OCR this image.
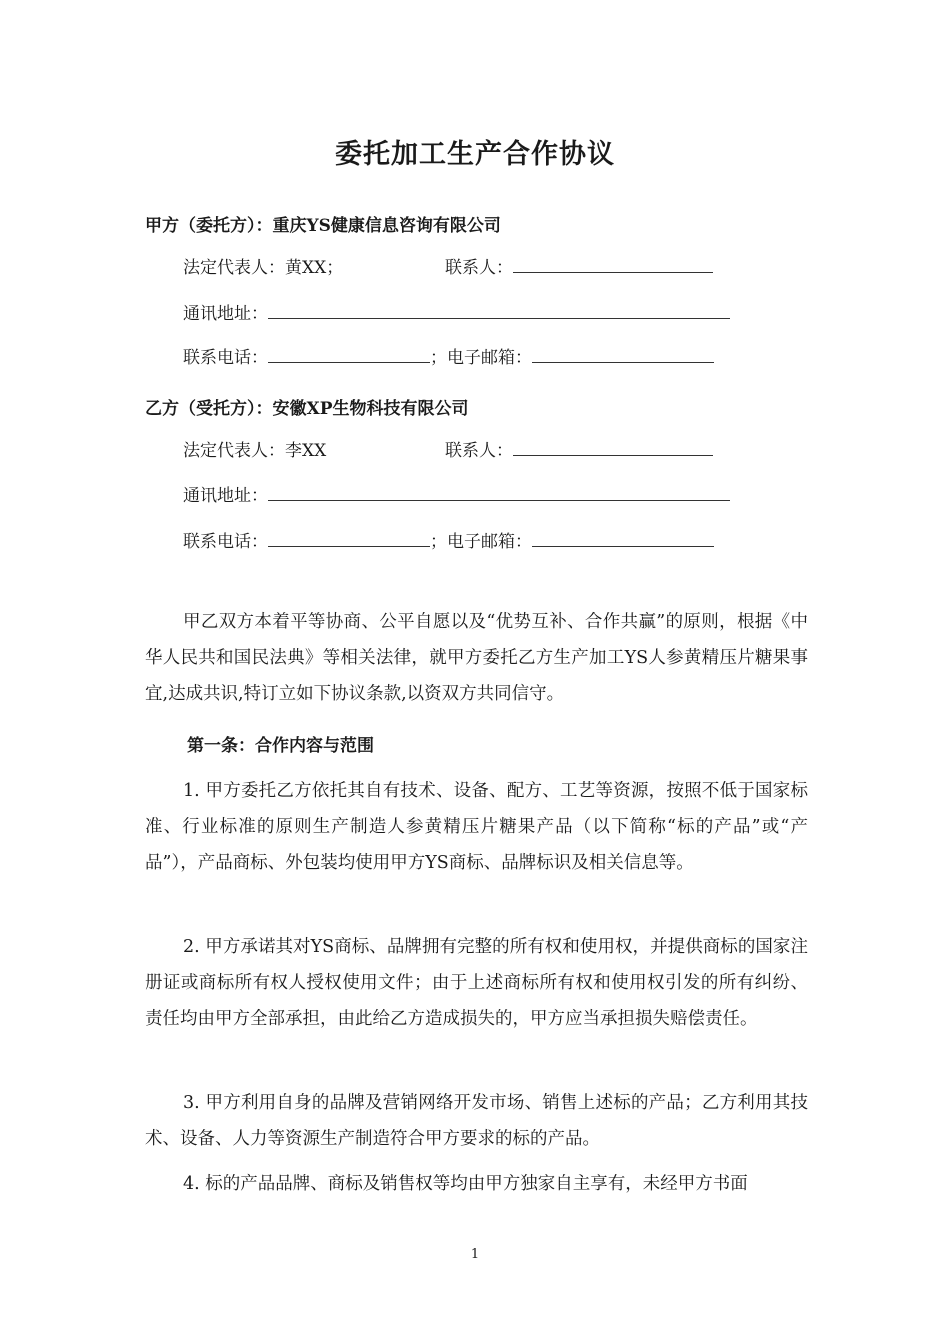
委托加工生产合作协议
甲方（委托方）：重庆YS健康信息咨询有限公司
法定代表人：黄XX；	联系人：
通讯地址：
联系电话：	；电子邮箱：
乙方（受托方）：安徽XP生物科技有限公司
法定代表人：李XX	联系人：
通讯地址：
联系电话：	；电子邮箱：
甲乙双方本着平等协商、公平自愿以及“优势互补、合作共赢”的原则，根据《中华人民共和国民法典》等相关法律，就甲方委托乙方生产加工YS人参黄精压片糖果事宜,达成共识,特订立如下协议条款,以资双方共同信守。
第一条：合作内容与范围
1. 甲方委托乙方依托其自有技术、设备、配方、工艺等资源，按照不低于国家标准、行业标准的原则生产制造人参黄精压片糖果产品（以下简称“标的产品”或“产品”），产品商标、外包装均使用甲方YS商标、品牌标识及相关信息等。
2. 甲方承诺其对YS商标、品牌拥有完整的所有权和使用权，并提供商标的国家注册证或商标所有权人授权使用文件；由于上述商标所有权和使用权引发的所有纠纷、责任均由甲方全部承担，由此给乙方造成损失的，甲方应当承担损失赔偿责任。
3. 甲方利用自身的品牌及营销网络开发市场、销售上述标的产品；乙方利用其技术、设备、人力等资源生产制造符合甲方要求的标的产品。
4. 标的产品品牌、商标及销售权等均由甲方独家自主享有，未经甲方书面
1
